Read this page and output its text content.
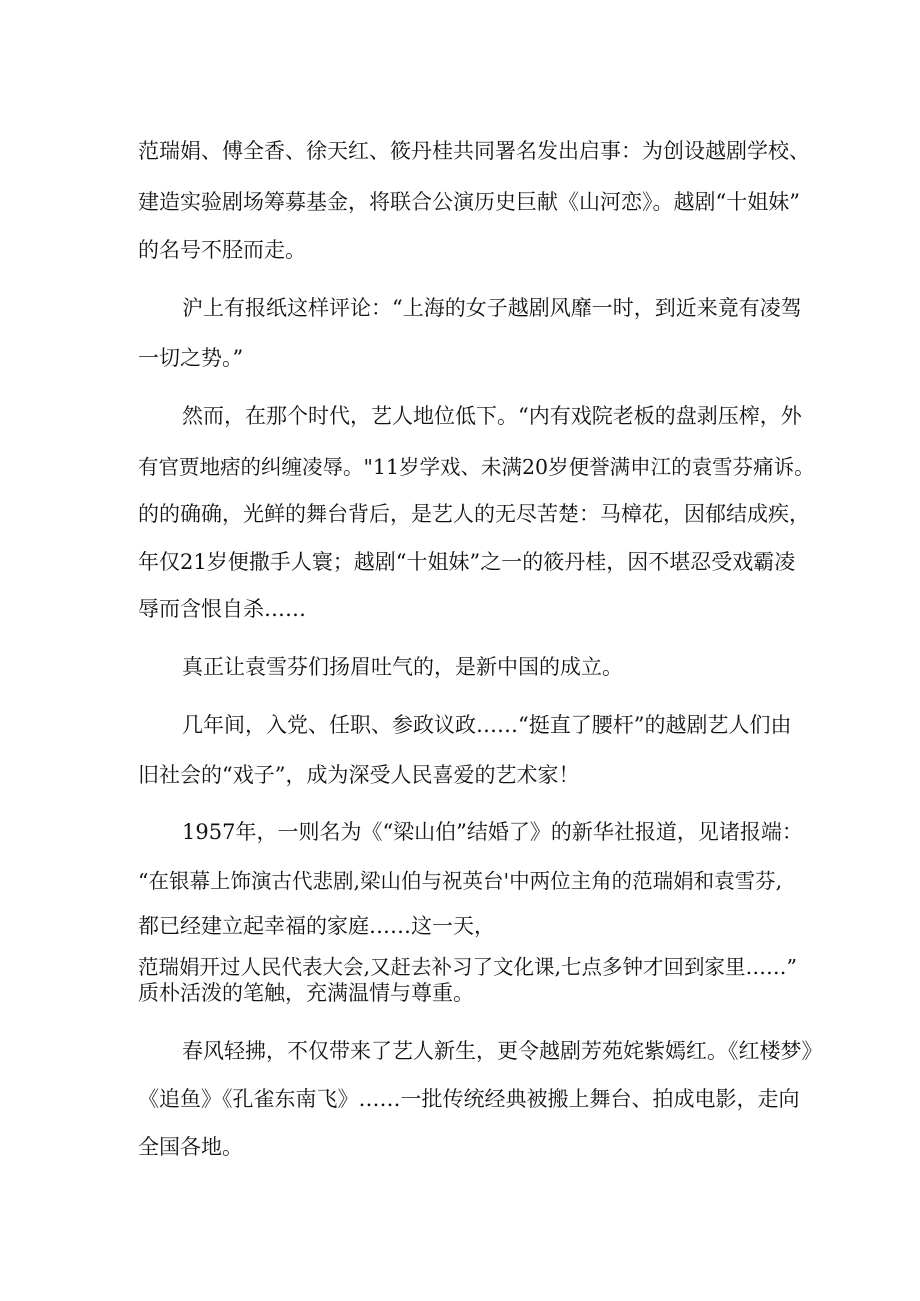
范瑞娟、傅全香、徐天红、筱丹桂共同署名发出启事：为创设越剧学校、
建造实验剧场筹募基金，将联合公演历史巨献《山河恋》。越剧“十姐妹”
的名号不胫而走。
沪上有报纸这样评论：“上海的女子越剧风靡一时，到近来竟有凌驾
一切之势。”
然而，在那个时代，艺人地位低下。“内有戏院老板的盘剥压榨，外
有官贾地痞的纠缠凌辱。"11岁学戏、未满20岁便誉满申江的袁雪芬痛诉。
的的确确，光鲜的舞台背后，是艺人的无尽苦楚：马樟花，因郁结成疾，
年仅21岁便撒手人寰；越剧“十姐妹”之一的筱丹桂，因不堪忍受戏霸凌
辱而含恨自杀……
真正让袁雪芬们扬眉吐气的，是新中国的成立。
几年间，入党、任职、参政议政……“挺直了腰杆”的越剧艺人们由
旧社会的“戏子”，成为深受人民喜爱的艺术家！
1957年，一则名为《“梁山伯”结婚了》的新华社报道，见诸报端：
“在银幕上饰演古代悲剧,梁山伯与祝英台'中两位主角的范瑞娟和袁雪芬,
都已经建立起幸福的家庭……这一天，
范瑞娟开过人民代表大会,又赶去补习了文化课,七点多钟才回到家里……”
质朴活泼的笔触，充满温情与尊重。
春风轻拂，不仅带来了艺人新生，更令越剧芳苑姹紫嫣红。《红楼梦》
《追鱼》《孔雀东南飞》……一批传统经典被搬上舞台、拍成电影，走向
全国各地。
